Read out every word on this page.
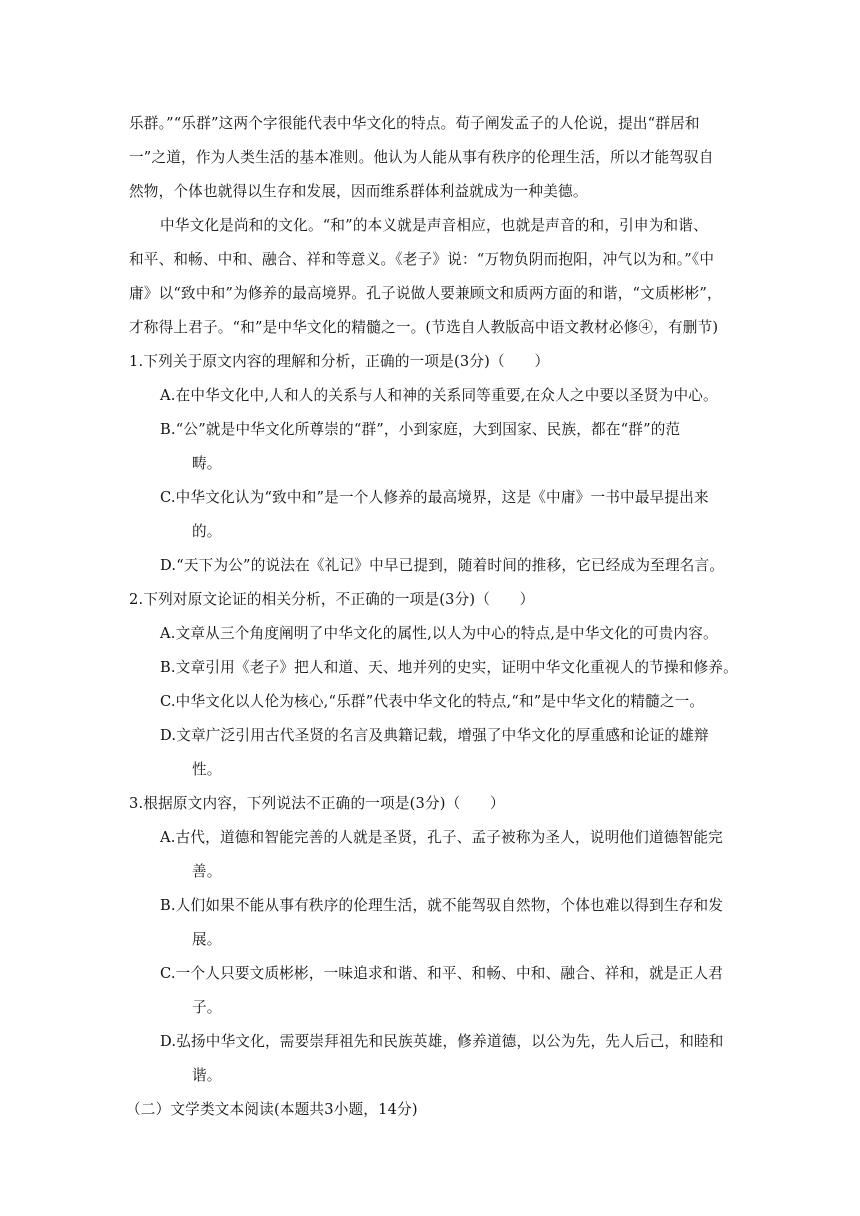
乐群。”“乐群”这两个字很能代表中华文化的特点。荀子阐发孟子的人伦说，提出“群居和
一”之道，作为人类生活的基本准则。他认为人能从事有秩序的伦理生活，所以才能驾驭自
然物，个体也就得以生存和发展，因而维系群体利益就成为一种美德。
中华文化是尚和的文化。“和”的本义就是声音相应，也就是声音的和，引申为和谐、
和平、和畅、中和、融合、祥和等意义。《老子》说：“万物负阴而抱阳，冲气以为和。”《中
庸》以“致中和”为修养的最高境界。孔子说做人要兼顾文和质两方面的和谐，“文质彬彬”，
才称得上君子。“和”是中华文化的精髓之一。(节选自人教版高中语文教材必修④，有删节)
1.下列关于原文内容的理解和分析，正确的一项是(3分)（　　）
A.在中华文化中,人和人的关系与人和神的关系同等重要,在众人之中要以圣贤为中心。
B.“公”就是中华文化所尊崇的“群”，小到家庭，大到国家、民族，都在“群”的范
畴。
C.中华文化认为“致中和”是一个人修养的最高境界，这是《中庸》一书中最早提出来
的。
D.“天下为公”的说法在《礼记》中早已提到，随着时间的推移，它已经成为至理名言。
2.下列对原文论证的相关分析，不正确的一项是(3分)（　　）
A.文章从三个角度阐明了中华文化的属性,以人为中心的特点,是中华文化的可贵内容。
B.文章引用《老子》把人和道、天、地并列的史实，证明中华文化重视人的节操和修养。
C.中华文化以人伦为核心,“乐群”代表中华文化的特点,“和”是中华文化的精髓之一。
D.文章广泛引用古代圣贤的名言及典籍记载，增强了中华文化的厚重感和论证的雄辩
性。
3.根据原文内容，下列说法不正确的一项是(3分)（　　）
A.古代，道德和智能完善的人就是圣贤，孔子、孟子被称为圣人，说明他们道德智能完
善。
B.人们如果不能从事有秩序的伦理生活，就不能驾驭自然物，个体也难以得到生存和发
展。
C.一个人只要文质彬彬，一味追求和谐、和平、和畅、中和、融合、祥和，就是正人君
子。
D.弘扬中华文化，需要崇拜祖先和民族英雄，修养道德，以公为先，先人后己，和睦和
谐。
（二）文学类文本阅读(本题共3小题，14分)
